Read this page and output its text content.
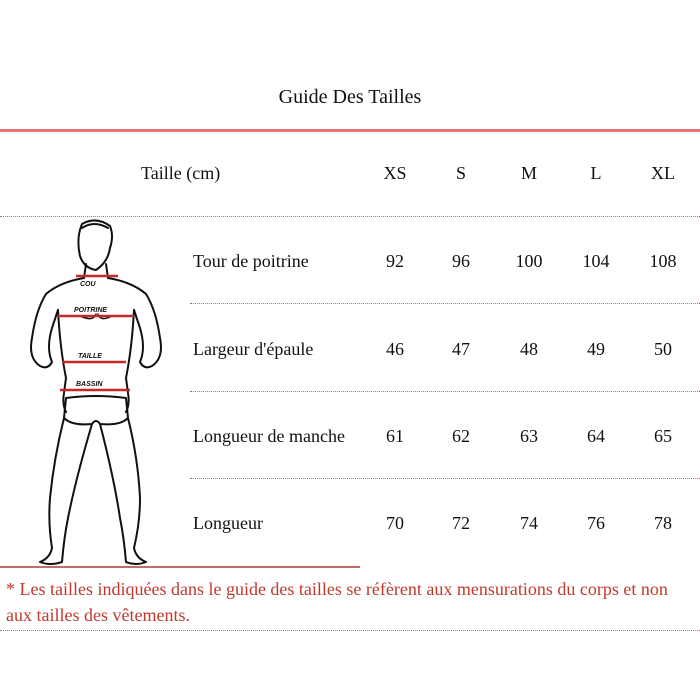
Guide Des Tailles
Taille (cm)	XS	S	M	L	XL
Tour de poitrine	92	96	100	104	108
Largeur d'épaule	46	47	48	49	50
Longueur de manche	61	62	63	64	65
Longueur	70	72	74	76	78
COU
POITRINE
TAILLE
BASSIN
* Les tailles indiquées dans le guide des tailles se réfèrent aux mensurations du corps et non aux tailles des vêtements.
